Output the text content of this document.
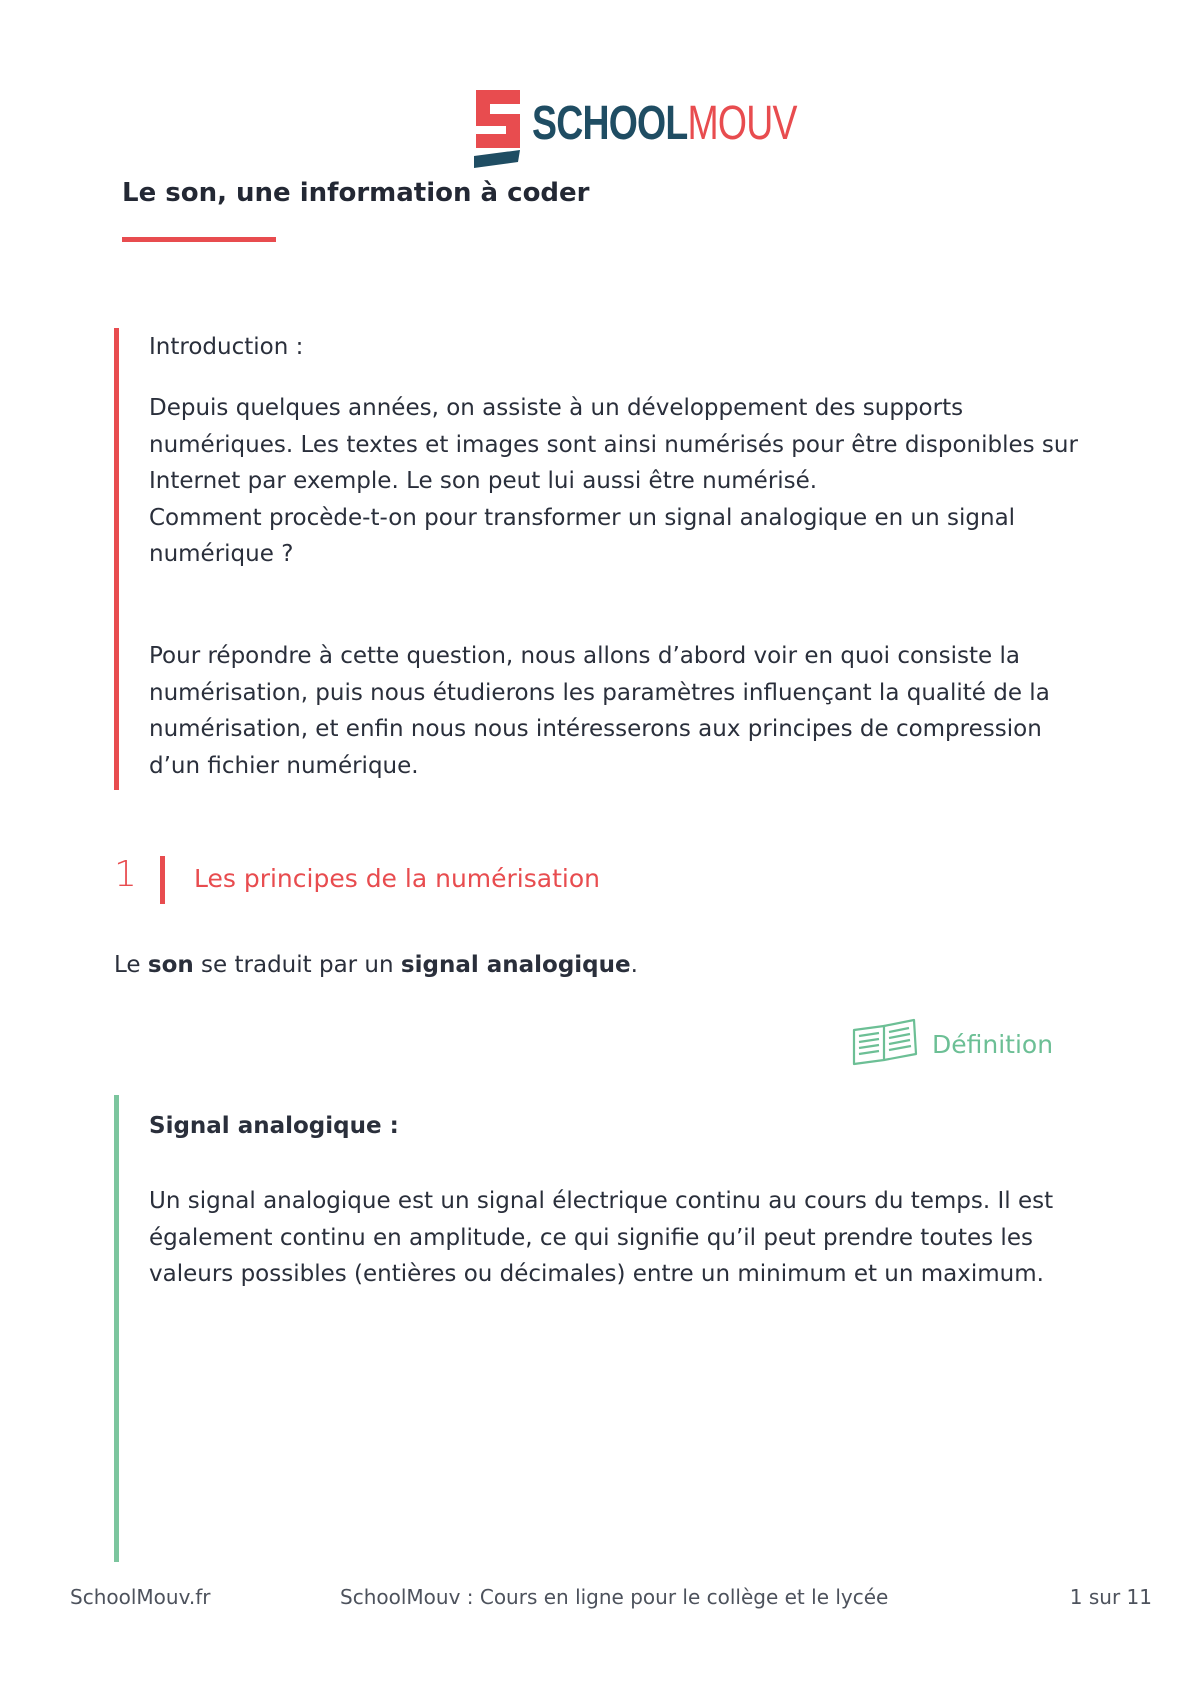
SCHOOLMOUV
Le son, une information à coder

Introduction :

Depuis quelques années, on assiste à un développement des supports numériques. Les textes et images sont ainsi numérisés pour être disponibles sur Internet par exemple. Le son peut lui aussi être numérisé.
Comment procède-t-on pour transformer un signal analogique en un signal numérique ?

Pour répondre à cette question, nous allons d’abord voir en quoi consiste la numérisation, puis nous étudierons les paramètres influençant la qualité de la numérisation, et enfin nous nous intéresserons aux principes de compression d’un fichier numérique.

1 Les principes de la numérisation

Le son se traduit par un signal analogique.

Définition

Signal analogique :

Un signal analogique est un signal électrique continu au cours du temps. Il est également continu en amplitude, ce qui signifie qu’il peut prendre toutes les valeurs possibles (entières ou décimales) entre un minimum et un maximum.

SchoolMouv.fr	SchoolMouv : Cours en ligne pour le collège et le lycée	1 sur 11
